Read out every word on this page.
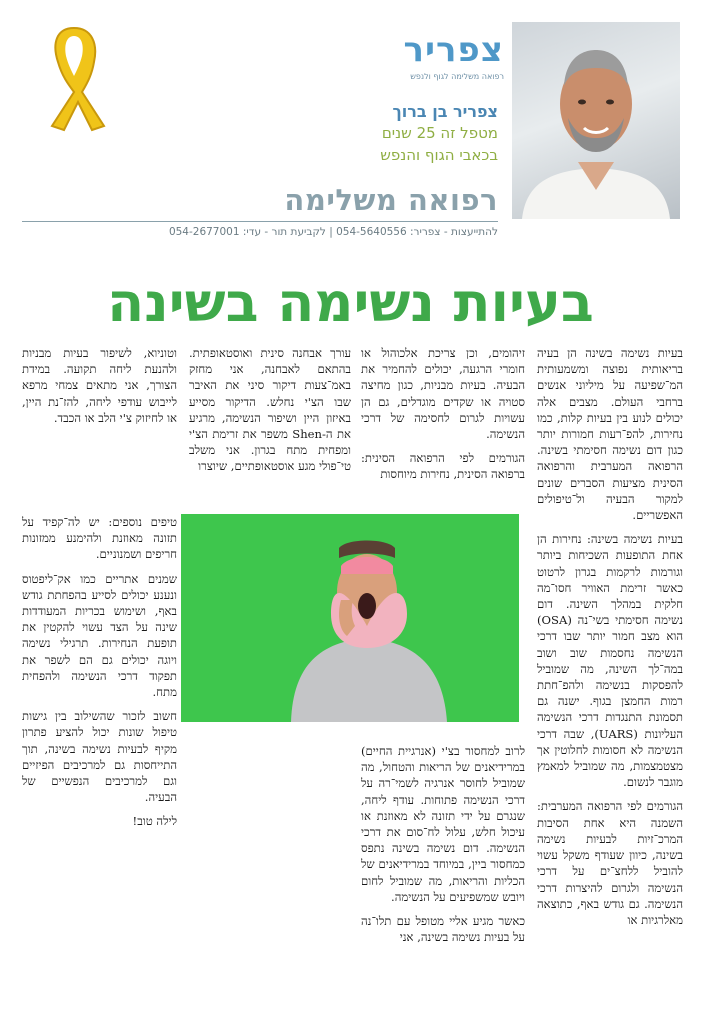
צפריר
רפואה משלימה לגוף ולנפש
צפריר בן ברוך
מטפל זה 25 שנים
בכאבי הגוף והנפש
רפואה משלימה
להתייעצות - צפריר: 054-5640556 | לקביעת תור - עדי: 054-2677001
בעיות נשימה בשינה

בעיות נשימה בשינה הן בעיה בריאותית נפוצה ומשמעותית המ־שפיעה על מיליוני אנשים ברחבי העולם. מצבים אלה יכולים לנוע בין בעיות קלות, כמו נחירות, להפ־רעות חמורות יותר כגון דום נשימה חסימתי בשינה. הרפואה המערבית והרפואה הסינית מציעות הסברים שונים למקור הבעיה ול־טיפולים האפשריים.

בעיות נשימה בשינה: נחירות הן אחת התופעות השכיחות ביותר וגורמות לרקמות בגרון לרטוט כאשר זרימת האוויר חסו־מה חלקית במהלך השינה. דום נשימה חסימתי בשי־נה (OSA) הוא מצב חמור יותר שבו דרכי הנשימה נחסמות שוב ושוב במה־לך השינה, מה שמוביל להפסקות בנשימה ולהפ־חתת רמות החמצן בגוף. ישנה גם תסמונת התנגדות דרכי הנשימה העליונות (UARS), שבה דרכי הנשימה לא חסומות לחלוטין אך מצטמצמות, מה שמוביל למאמץ מוגבר לנשום.

הגורמים לפי הרפואה המערבית: השמנה היא אחת הסיבות המרכ־זיות לבעיות נשימה בשינה, כיוון שעודף משקל עשוי להוביל ללחצ־ים על דרכי הנשימה ולגרום להיצרות דרכי הנשימה. גם גודש באף, כתוצאה מאלרגיות או

זיהומים, וכן צריכת אלכוהול או חומרי הרגעה, יכולים להחמיר את הבעיה. בעיות מבניות, כגון מחיצה סטויה או שקדים מוגדלים, גם הן עשויות לגרום לחסימה של דרכי הנשימה.

הגורמים לפי הרפואה הסינית: ברפואה הסינית, נחירות מיוחסות

לרוב למחסור בצ'י (אנרגיית החיים) במרידיאנים של הריאות והטחול, מה שמוביל לחוסר אנרגיה לשמי־רה על דרכי הנשימה פתוחות. עודף ליחה, שנגרם על ידי תזונה לא מאוזנת או עיכול חלש, עלול לח־סום את דרכי הנשימה. דום נשימה בשינה נתפס כמחסור ביין, במיוחד במרידיאנים של הכליות והריאות, מה שמוביל לחום ויובש שמשפיעים על הנשימה.

כאשר מגיע אליי מטופל עם תלו־נה על בעיות נשימה בשינה, אני

עורך אבחנה סינית ואוסטאופתית. בהתאם לאבחנה, אני מחזק באמ־צעות דיקור סיני את האיבר שבו הצ'י נחלש. הדיקור מסייע באיזון היין ושיפור הנשימה, מרגיע את ה-Shen משפר את זרימת הצ'י ומפחית מתח בגרון. אני משלב טי־פולי מגע אוסטאופתיים, שיוצרו

וטוניוא, לשיפור בעיות מבניות ולהנעת ליחה תקועה. במידת הצורך, אני מתאים צמחי מרפא לייבוש עודפי ליחה, להז־נת היין, או לחיזוק צ'י הלב או הכבד.

טיפים נוספים: יש לה־קפיד על תזונה מאוזנת ולהימנע ממזונות חריפים ושמנוניים.

שמנים אתריים כמו אק־ליפטוס ונענע יכולים לסייע בהפחתת גודש באף, ושימוש בכריות המעודדות שינה על הצד עשוי להקטין את תופעת הנחירות. תרגילי נשימה ויוגה יכולים גם הם לשפר את תפקוד דרכי הנשימה ולהפחית מתח.

חשוב לזכור שהשילוב בין גישות טיפול שונות יכול להציע פתרון מקיף לבעיות נשימה בשינה, תוך התייחסות גם למרכיבים הפיזיים וגם למרכיבים הנפשיים של הבעיה.

לילה טוב!
